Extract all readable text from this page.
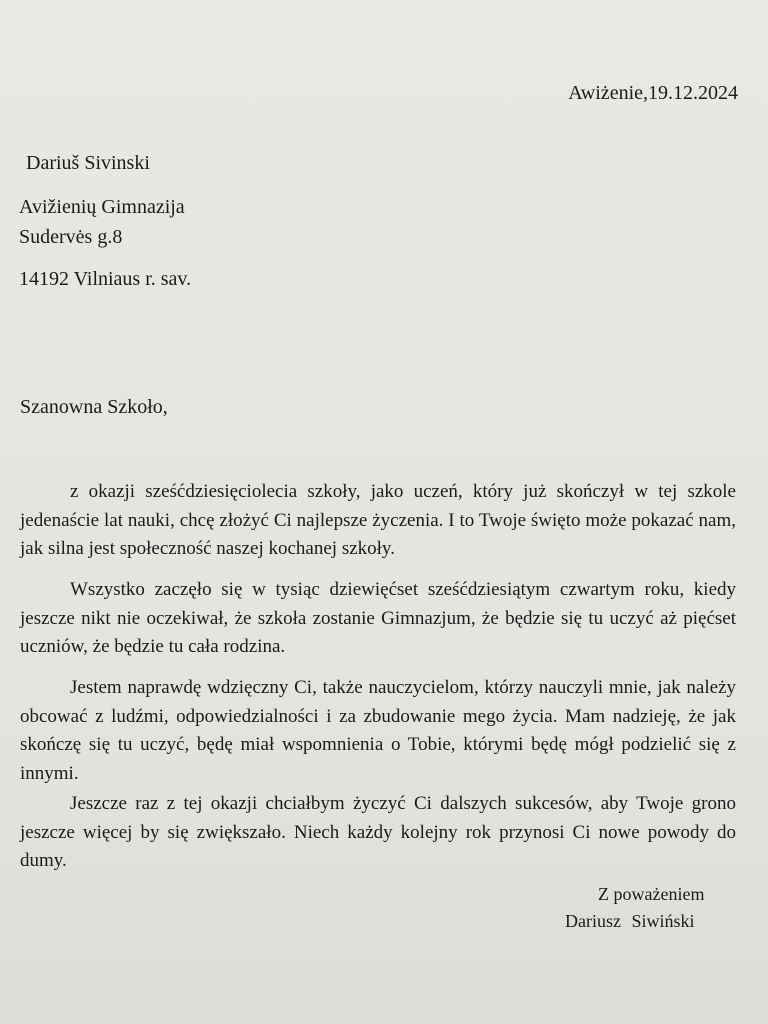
Awiżenie,19.12.2024
Dariuš Sivinski
Avižienių Gimnazija
Sudervės g.8
14192 Vilniaus r. sav.
Szanowna Szkoło,

z okazji sześćdziesięciolecia szkoły, jako uczeń, który już skończył w tej szkole jedenaście lat nauki, chcę złożyć Ci najlepsze życzenia. I to Twoje święto może pokazać nam, jak silna jest społeczność naszej kochanej szkoły.

Wszystko zaczęło się w tysiąc dziewięćset sześćdziesiątym czwartym roku, kiedy jeszcze nikt nie oczekiwał, że szkoła zostanie Gimnazjum, że będzie się tu uczyć aż pięćset uczniów, że będzie tu cała rodzina.

Jestem naprawdę wdzięczny Ci, także nauczycielom, którzy nauczyli mnie, jak należy obcować z ludźmi, odpowiedzialności i za zbudowanie mego życia. Mam nadzieję, że jak skończę się tu uczyć, będę miał wspomnienia o Tobie, którymi będę mógł podzielić się z innymi.

Jeszcze raz z tej okazji chciałbym życzyć Ci dalszych sukcesów, aby Twoje grono jeszcze więcej by się zwiększało. Niech każdy kolejny rok przynosi Ci nowe powody do dumy.

Z poważeniem
Dariusz Siwiński
